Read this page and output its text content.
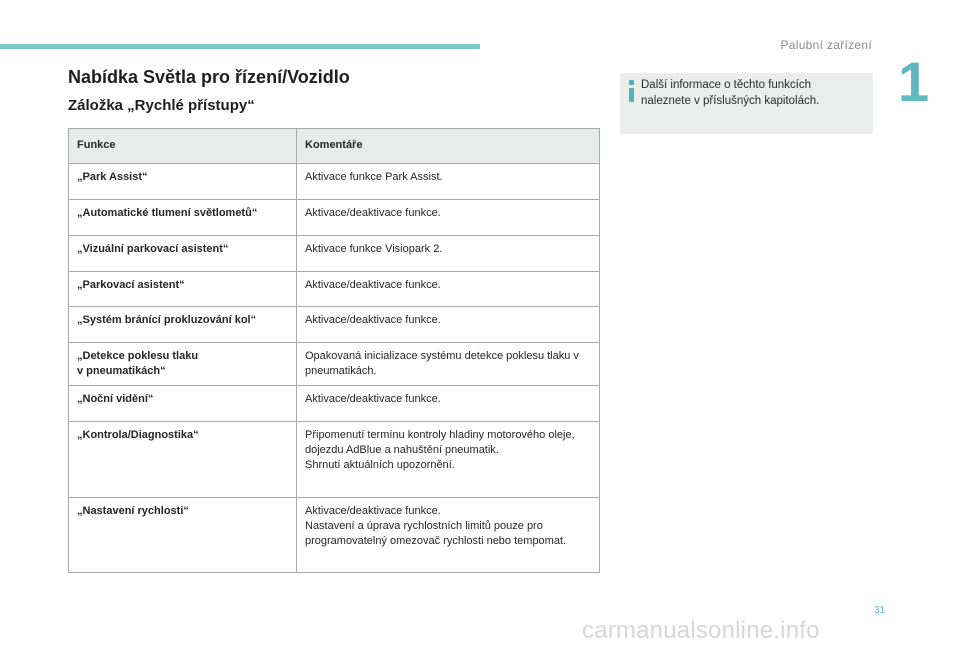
Palubní zařízení
1
Nabídka Světla pro řízení/Vozidlo
Záložka „Rychlé přístupy“
Další informace o těchto funkcích naleznete v příslušných kapitolách.
Funkce	Komentáře
„Park Assist“	Aktivace funkce Park Assist.
„Automatické tlumení světlometů“	Aktivace/deaktivace funkce.
„Vizuální parkovací asistent“	Aktivace funkce Visiopark 2.
„Parkovací asistent“	Aktivace/deaktivace funkce.
„Systém bránící prokluzování kol“	Aktivace/deaktivace funkce.
„Detekce poklesu tlaku
v pneumatikách“	Opakovaná inicializace systému detekce poklesu tlaku v pneumatikách.
„Noční vidění“	Aktivace/deaktivace funkce.
„Kontrola/Diagnostika“	Připomenutí termínu kontroly hladiny motorového oleje, dojezdu AdBlue a nahuštění pneumatik.
Shrnutí aktuálních upozornění.
„Nastavení rychlosti“	Aktivace/deaktivace funkce.
Nastavení a úprava rychlostních limitů pouze pro programovatelný omezovač rychlosti nebo tempomat.
31
carmanualsonline.info
